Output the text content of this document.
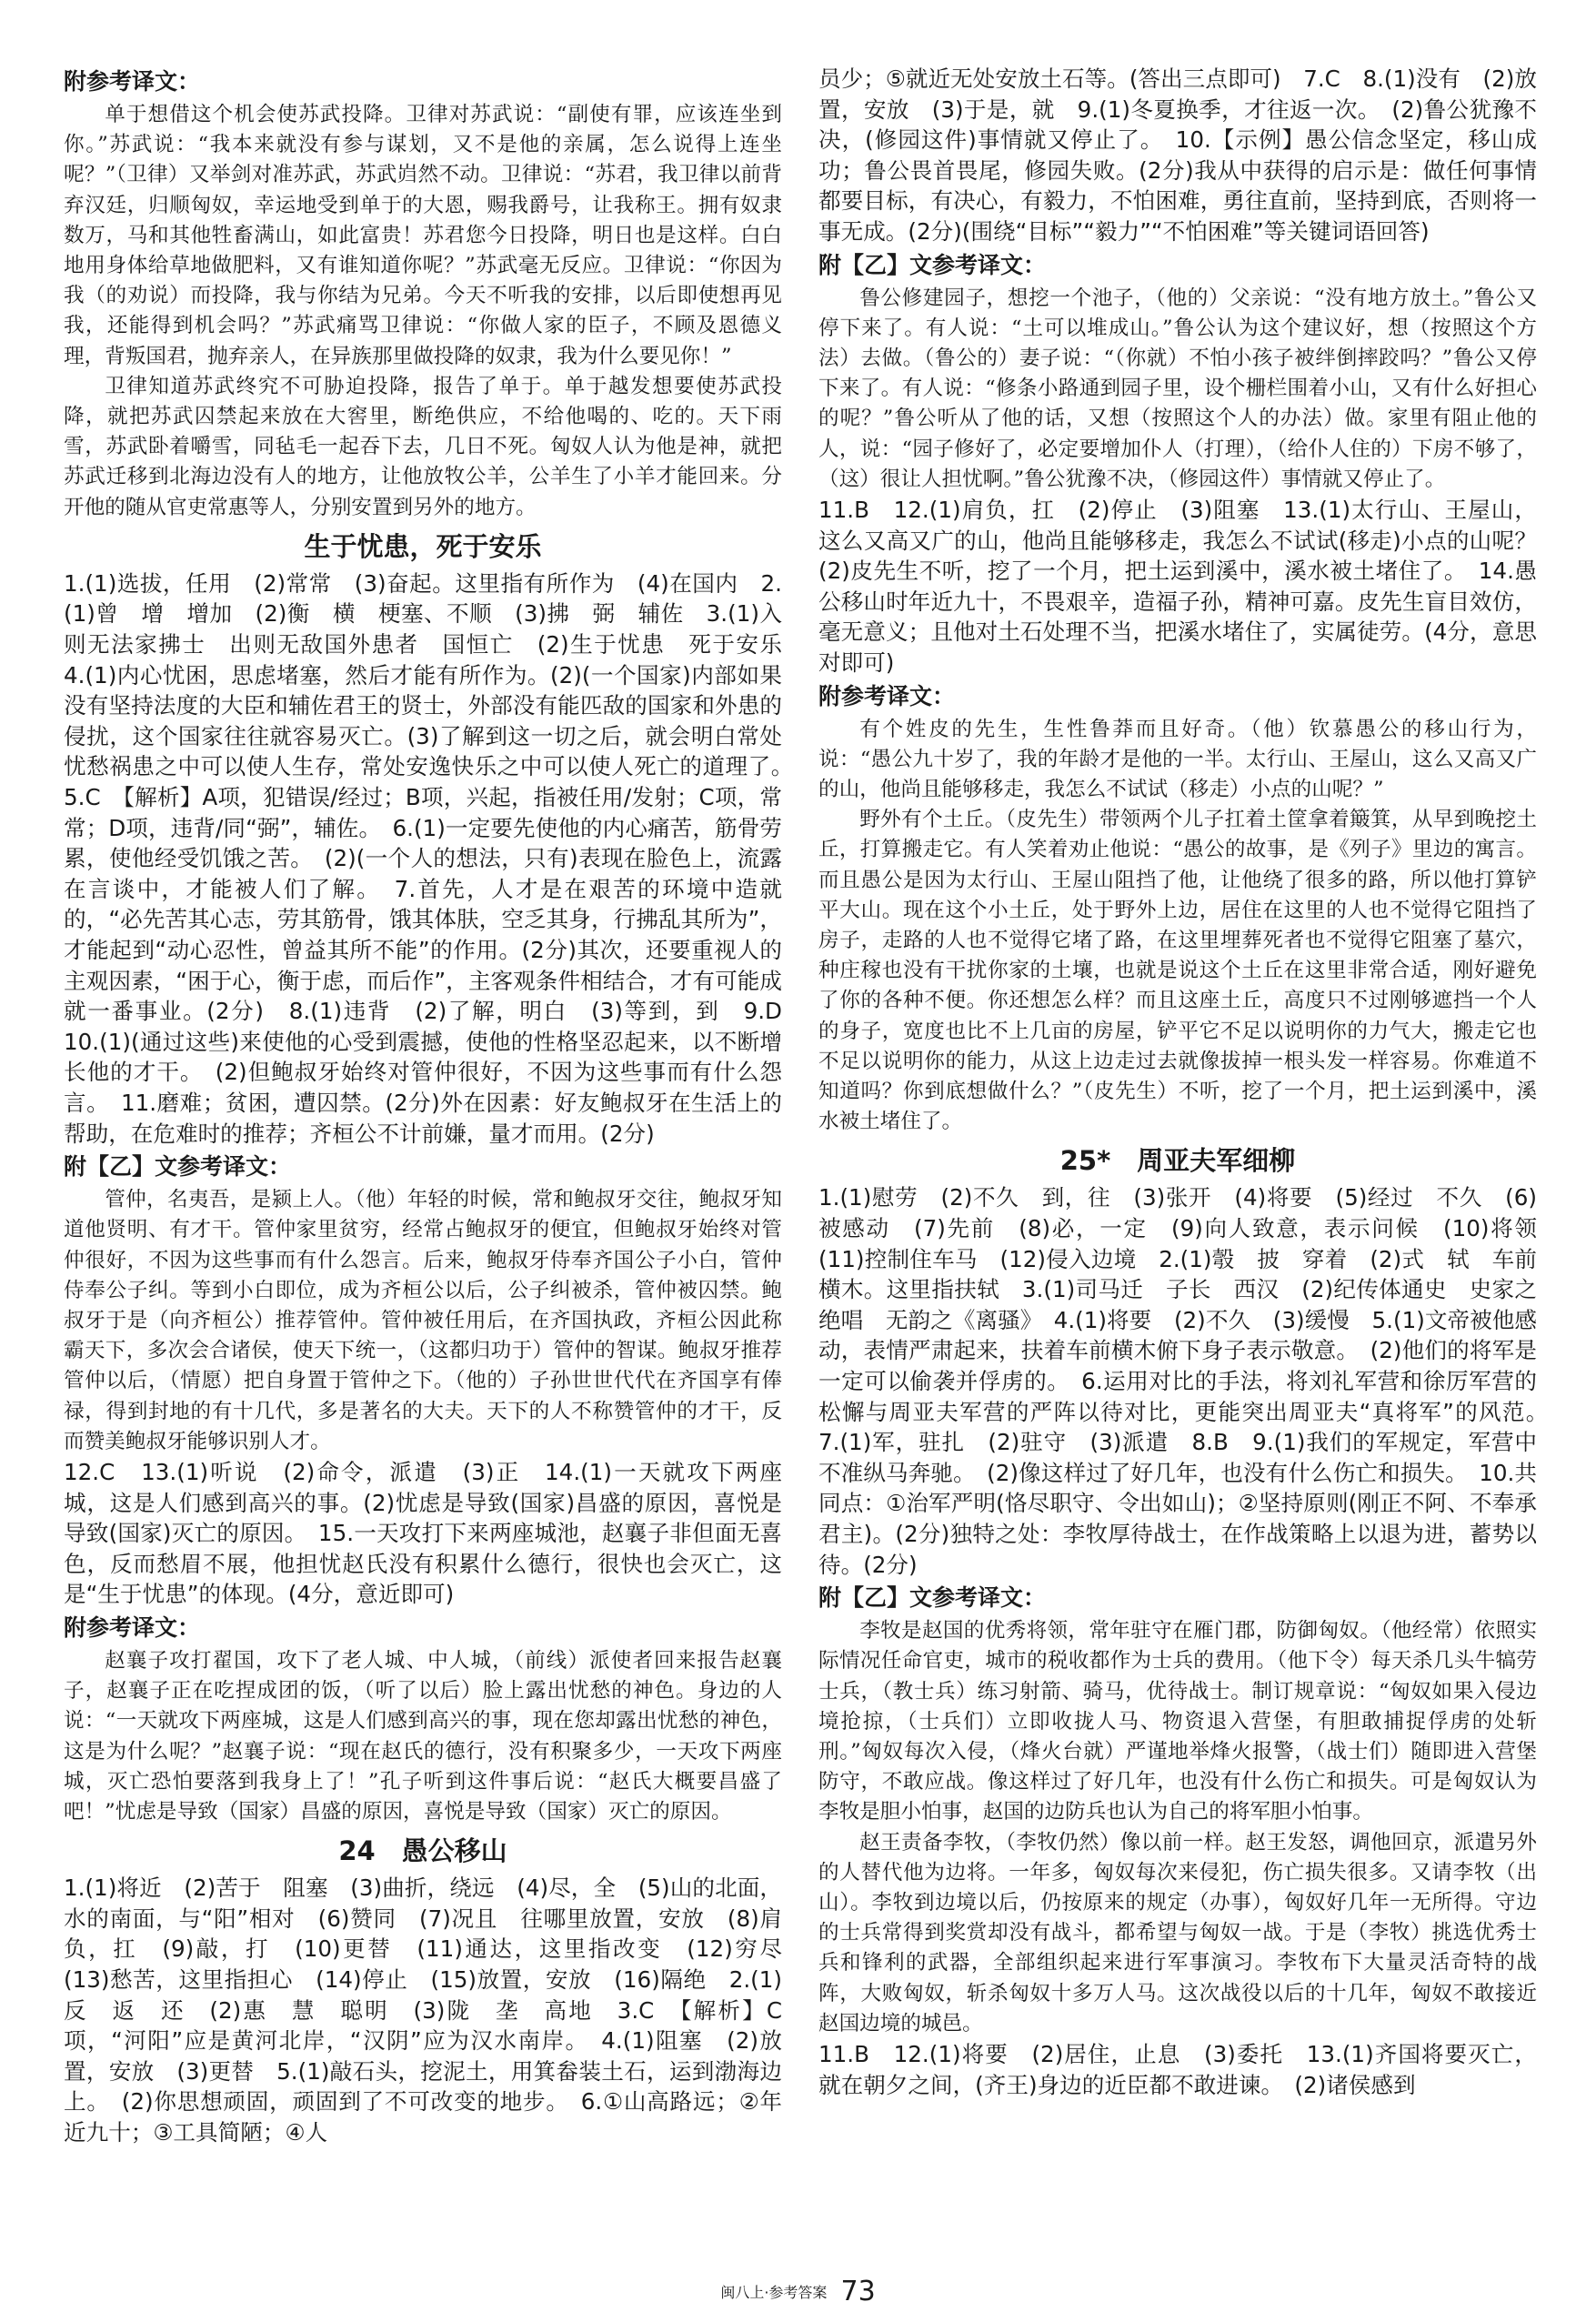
附参考译文：

单于想借这个机会使苏武投降。卫律对苏武说：“副使有罪，应该连坐到你。”苏武说：“我本来就没有参与谋划，又不是他的亲属，怎么说得上连坐呢？”（卫律）又举剑对准苏武，苏武岿然不动。卫律说：“苏君，我卫律以前背弃汉廷，归顺匈奴，幸运地受到单于的大恩，赐我爵号，让我称王。拥有奴隶数万，马和其他牲畜满山，如此富贵！苏君您今日投降，明日也是这样。白白地用身体给草地做肥料，又有谁知道你呢？”苏武毫无反应。卫律说：“你因为我（的劝说）而投降，我与你结为兄弟。今天不听我的安排，以后即使想再见我，还能得到机会吗？”苏武痛骂卫律说：“你做人家的臣子，不顾及恩德义理，背叛国君，抛弃亲人，在异族那里做投降的奴隶，我为什么要见你！”

卫律知道苏武终究不可胁迫投降，报告了单于。单于越发想要使苏武投降，就把苏武囚禁起来放在大窖里，断绝供应，不给他喝的、吃的。天下雨雪，苏武卧着嚼雪，同毡毛一起吞下去，几日不死。匈奴人认为他是神，就把苏武迁移到北海边没有人的地方，让他放牧公羊，公羊生了小羊才能回来。分开他的随从官吏常惠等人，分别安置到另外的地方。

生于忧患，死于安乐

1.(1)选拔，任用　(2)常常　(3)奋起。这里指有所作为　(4)在国内　2.(1)曾　增　增加　(2)衡　横　梗塞、不顺　(3)拂　弼　辅佐　3.(1)入则无法家拂士　出则无敌国外患者　国恒亡　(2)生于忧患　死于安乐　4.(1)内心忧困，思虑堵塞，然后才能有所作为。(2)(一个国家)内部如果没有坚持法度的大臣和辅佐君王的贤士，外部没有能匹敌的国家和外患的侵扰，这个国家往往就容易灭亡。(3)了解到这一切之后，就会明白常处忧愁祸患之中可以使人生存，常处安逸快乐之中可以使人死亡的道理了。　5.C　【解析】A项，犯错误/经过；B项，兴起，指被任用/发射；C项，常常；D项，违背/同“弼”，辅佐。　6.(1)一定要先使他的内心痛苦，筋骨劳累，使他经受饥饿之苦。　(2)(一个人的想法，只有)表现在脸色上，流露在言谈中，才能被人们了解。　7.首先，人才是在艰苦的环境中造就的，“必先苦其心志，劳其筋骨，饿其体肤，空乏其身，行拂乱其所为”，才能起到“动心忍性，曾益其所不能”的作用。(2分)其次，还要重视人的主观因素，“困于心，衡于虑，而后作”，主客观条件相结合，才有可能成就一番事业。(2分)　8.(1)违背　(2)了解，明白　(3)等到，到　9.D　10.(1)(通过这些)来使他的心受到震撼，使他的性格坚忍起来，以不断增长他的才干。　(2)但鲍叔牙始终对管仲很好，不因为这些事而有什么怨言。　11.磨难；贫困，遭囚禁。(2分)外在因素：好友鲍叔牙在生活上的帮助，在危难时的推荐；齐桓公不计前嫌，量才而用。(2分)

附【乙】文参考译文：

管仲，名夷吾，是颍上人。（他）年轻的时候，常和鲍叔牙交往，鲍叔牙知道他贤明、有才干。管仲家里贫穷，经常占鲍叔牙的便宜，但鲍叔牙始终对管仲很好，不因为这些事而有什么怨言。后来，鲍叔牙侍奉齐国公子小白，管仲侍奉公子纠。等到小白即位，成为齐桓公以后，公子纠被杀，管仲被囚禁。鲍叔牙于是（向齐桓公）推荐管仲。管仲被任用后，在齐国执政，齐桓公因此称霸天下，多次会合诸侯，使天下统一，（这都归功于）管仲的智谋。鲍叔牙推荐管仲以后，（情愿）把自身置于管仲之下。（他的）子孙世世代代在齐国享有俸禄，得到封地的有十几代，多是著名的大夫。天下的人不称赞管仲的才干，反而赞美鲍叔牙能够识别人才。

12.C　13.(1)听说　(2)命令，派遣　(3)正　14.(1)一天就攻下两座城，这是人们感到高兴的事。(2)忧虑是导致(国家)昌盛的原因，喜悦是导致(国家)灭亡的原因。　15.一天攻打下来两座城池，赵襄子非但面无喜色，反而愁眉不展，他担忧赵氏没有积累什么德行，很快也会灭亡，这是“生于忧患”的体现。(4分，意近即可)

附参考译文：

赵襄子攻打翟国，攻下了老人城、中人城，（前线）派使者回来报告赵襄子，赵襄子正在吃捏成团的饭，（听了以后）脸上露出忧愁的神色。身边的人说：“一天就攻下两座城，这是人们感到高兴的事，现在您却露出忧愁的神色，这是为什么呢？”赵襄子说：“现在赵氏的德行，没有积聚多少，一天攻下两座城，灭亡恐怕要落到我身上了！”孔子听到这件事后说：“赵氏大概要昌盛了吧！”忧虑是导致（国家）昌盛的原因，喜悦是导致（国家）灭亡的原因。

24　愚公移山

1.(1)将近　(2)苦于　阻塞　(3)曲折，绕远　(4)尽，全　(5)山的北面，水的南面，与“阳”相对　(6)赞同　(7)况且　往哪里放置，安放　(8)肩负，扛　(9)敲，打　(10)更替　(11)通达，这里指改变　(12)穷尽　(13)愁苦，这里指担心　(14)停止　(15)放置，安放　(16)隔绝　2.(1)反　返　还　(2)惠　慧　聪明　(3)陇　垄　高地　3.C　【解析】C项，“河阳”应是黄河北岸，“汉阴”应为汉水南岸。　4.(1)阻塞　(2)放置，安放　(3)更替　5.(1)敲石头，挖泥土，用箕畚装土石，运到渤海边上。　(2)你思想顽固，顽固到了不可改变的地步。　6.①山高路远；②年近九十；③工具简陋；④人

员少；⑤就近无处安放土石等。(答出三点即可)　7.C　8.(1)没有　(2)放置，安放　(3)于是，就　9.(1)冬夏换季，才往返一次。　(2)鲁公犹豫不决，(修园这件)事情就又停止了。　10.【示例】愚公信念坚定，移山成功；鲁公畏首畏尾，修园失败。(2分)我从中获得的启示是：做任何事情都要目标，有决心，有毅力，不怕困难，勇往直前，坚持到底，否则将一事无成。(2分)(围绕“目标”“毅力”“不怕困难”等关键词语回答)

附【乙】文参考译文：

鲁公修建园子，想挖一个池子，（他的）父亲说：“没有地方放土。”鲁公又停下来了。有人说：“土可以堆成山。”鲁公认为这个建议好，想（按照这个方法）去做。（鲁公的）妻子说：“（你就）不怕小孩子被绊倒摔跤吗？”鲁公又停下来了。有人说：“修条小路通到园子里，设个栅栏围着小山，又有什么好担心的呢？”鲁公听从了他的话，又想（按照这个人的办法）做。家里有阻止他的人，说：“园子修好了，必定要增加仆人（打理），（给仆人住的）下房不够了，（这）很让人担忧啊。”鲁公犹豫不决，（修园这件）事情就又停止了。

11.B　12.(1)肩负，扛　(2)停止　(3)阻塞　13.(1)太行山、王屋山，这么又高又广的山，他尚且能够移走，我怎么不试试(移走)小点的山呢？　(2)皮先生不听，挖了一个月，把土运到溪中，溪水被土堵住了。　14.愚公移山时年近九十，不畏艰辛，造福子孙，精神可嘉。皮先生盲目效仿，毫无意义；且他对土石处理不当，把溪水堵住了，实属徒劳。(4分，意思对即可)

附参考译文：

有个姓皮的先生，生性鲁莽而且好奇。（他）钦慕愚公的移山行为，说：“愚公九十岁了，我的年龄才是他的一半。太行山、王屋山，这么又高又广的山，他尚且能够移走，我怎么不试试（移走）小点的山呢？”

野外有个土丘。（皮先生）带领两个儿子扛着土筐拿着簸箕，从早到晚挖土丘，打算搬走它。有人笑着劝止他说：“愚公的故事，是《列子》里边的寓言。而且愚公是因为太行山、王屋山阻挡了他，让他绕了很多的路，所以他打算铲平大山。现在这个小土丘，处于野外上边，居住在这里的人也不觉得它阻挡了房子，走路的人也不觉得它堵了路，在这里埋葬死者也不觉得它阻塞了墓穴，种庄稼也没有干扰你家的土壤，也就是说这个土丘在这里非常合适，刚好避免了你的各种不便。你还想怎么样？而且这座土丘，高度只不过刚够遮挡一个人的身子，宽度也比不上几亩的房屋，铲平它不足以说明你的力气大，搬走它也不足以说明你的能力，从这上边走过去就像拔掉一根头发一样容易。你难道不知道吗？你到底想做什么？”（皮先生）不听，挖了一个月，把土运到溪中，溪水被土堵住了。

25*　周亚夫军细柳

1.(1)慰劳　(2)不久　到，往　(3)张开　(4)将要　(5)经过　不久　(6)被感动　(7)先前　(8)必，一定　(9)向人致意，表示问候　(10)将领　(11)控制住车马　(12)侵入边境　2.(1)彀　披　穿着　(2)式　轼　车前横木。这里指扶轼　3.(1)司马迁　子长　西汉　(2)纪传体通史　史家之绝唱　无韵之《离骚》　4.(1)将要　(2)不久　(3)缓慢　5.(1)文帝被他感动，表情严肃起来，扶着车前横木俯下身子表示敬意。　(2)他们的将军是一定可以偷袭并俘虏的。　6.运用对比的手法，将刘礼军营和徐厉军营的松懈与周亚夫军营的严阵以待对比，更能突出周亚夫“真将军”的风范。　7.(1)军，驻扎　(2)驻守　(3)派遣　8.B　9.(1)我们的军规定，军营中不准纵马奔驰。　(2)像这样过了好几年，也没有什么伤亡和损失。　10.共同点：①治军严明(恪尽职守、令出如山)；②坚持原则(刚正不阿、不奉承君主)。(2分)独特之处：李牧厚待战士，在作战策略上以退为进，蓄势以待。(2分)

附【乙】文参考译文：

李牧是赵国的优秀将领，常年驻守在雁门郡，防御匈奴。（他经常）依照实际情况任命官吏，城市的税收都作为士兵的费用。（他下令）每天杀几头牛犒劳士兵，（教士兵）练习射箭、骑马，优待战士。制订规章说：“匈奴如果入侵边境抢掠，（士兵们）立即收拢人马、物资退入营堡，有胆敢捕捉俘虏的处斩刑。”匈奴每次入侵，（烽火台就）严谨地举烽火报警，（战士们）随即进入营堡防守，不敢应战。像这样过了好几年，也没有什么伤亡和损失。可是匈奴认为李牧是胆小怕事，赵国的边防兵也认为自己的将军胆小怕事。

赵王责备李牧，（李牧仍然）像以前一样。赵王发怒，调他回京，派遣另外的人替代他为边将。一年多，匈奴每次来侵犯，伤亡损失很多。又请李牧（出山）。李牧到边境以后，仍按原来的规定（办事），匈奴好几年一无所得。守边的士兵常得到奖赏却没有战斗，都希望与匈奴一战。于是（李牧）挑选优秀士兵和锋利的武器，全部组织起来进行军事演习。李牧布下大量灵活奇特的战阵，大败匈奴，斩杀匈奴十多万人马。这次战役以后的十几年，匈奴不敢接近赵国边境的城邑。

11.B　12.(1)将要　(2)居住，止息　(3)委托　13.(1)齐国将要灭亡，就在朝夕之间，(齐王)身边的近臣都不敢进谏。　(2)诸侯感到

闽八上·参考答案 73
